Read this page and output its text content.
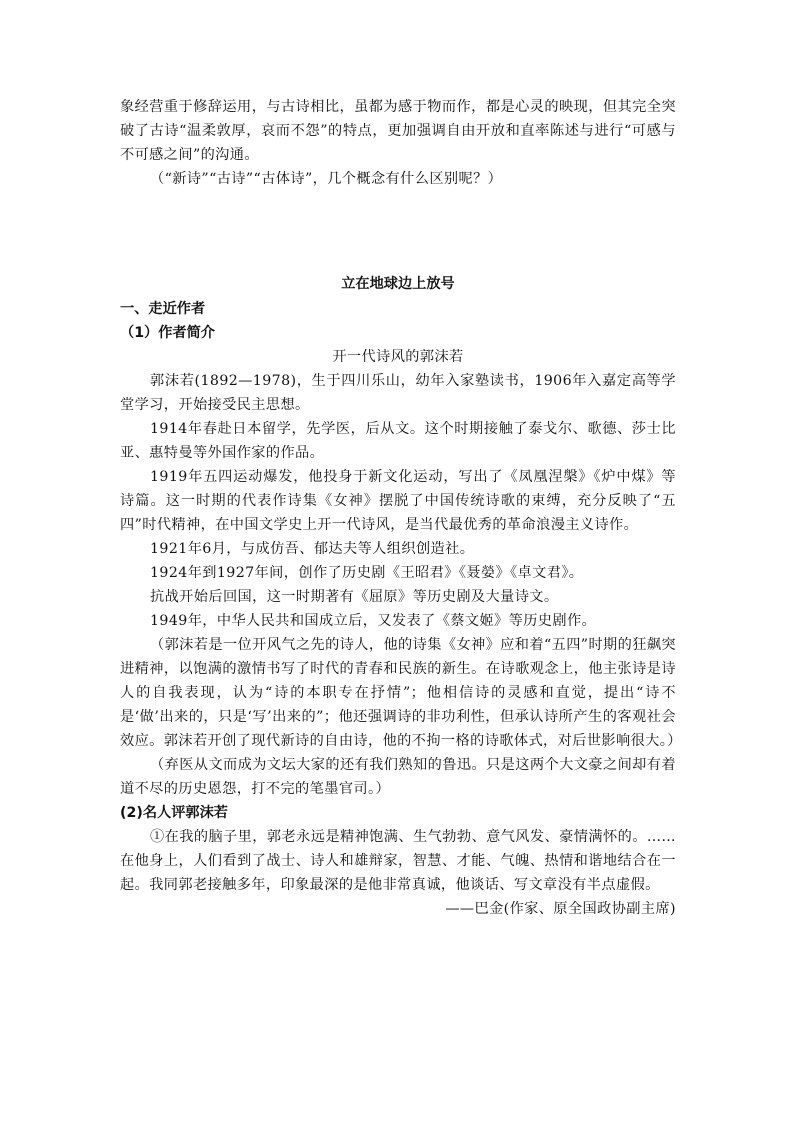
象经营重于修辞运用，与古诗相比，虽都为感于物而作，都是心灵的映现，但其完全突破了古诗“温柔敦厚，哀而不怨”的特点，更加强调自由开放和直率陈述与进行“可感与不可感之间”的沟通。

（“新诗”“古诗”“古体诗”，几个概念有什么区别呢？）

立在地球边上放号

一、走近作者

（1）作者简介

开一代诗风的郭沫若

郭沫若(1892—1978)，生于四川乐山，幼年入家塾读书，1906年入嘉定高等学堂学习，开始接受民主思想。

1914年春赴日本留学，先学医，后从文。这个时期接触了泰戈尔、歌德、莎士比亚、惠特曼等外国作家的作品。

1919年五四运动爆发，他投身于新文化运动，写出了《凤凰涅槃》《炉中煤》等诗篇。这一时期的代表作诗集《女神》摆脱了中国传统诗歌的束缚，充分反映了“五四”时代精神，在中国文学史上开一代诗风，是当代最优秀的革命浪漫主义诗作。

1921年6月，与成仿吾、郁达夫等人组织创造社。

1924年到1927年间，创作了历史剧《王昭君》《聂嫈》《卓文君》。

抗战开始后回国，这一时期著有《屈原》等历史剧及大量诗文。

1949年，中华人民共和国成立后，又发表了《蔡文姬》等历史剧作。

（郭沫若是一位开风气之先的诗人，他的诗集《女神》应和着“五四”时期的狂飙突进精神，以饱满的激情书写了时代的青春和民族的新生。在诗歌观念上，他主张诗是诗人的自我表现，认为“诗的本职专在抒情”；他相信诗的灵感和直觉，提出“诗不是‘做’出来的，只是‘写’出来的”；他还强调诗的非功利性，但承认诗所产生的客观社会效应。郭沫若开创了现代新诗的自由诗，他的不拘一格的诗歌体式，对后世影响很大。）

（弃医从文而成为文坛大家的还有我们熟知的鲁迅。只是这两个大文豪之间却有着道不尽的历史恩怨，打不完的笔墨官司。）

(2)名人评郭沫若

①在我的脑子里，郭老永远是精神饱满、生气勃勃、意气风发、豪情满怀的。……在他身上，人们看到了战士、诗人和雄辩家，智慧、才能、气魄、热情和谐地结合在一起。我同郭老接触多年，印象最深的是他非常真诚，他谈话、写文章没有半点虚假。

——巴金(作家、原全国政协副主席)
